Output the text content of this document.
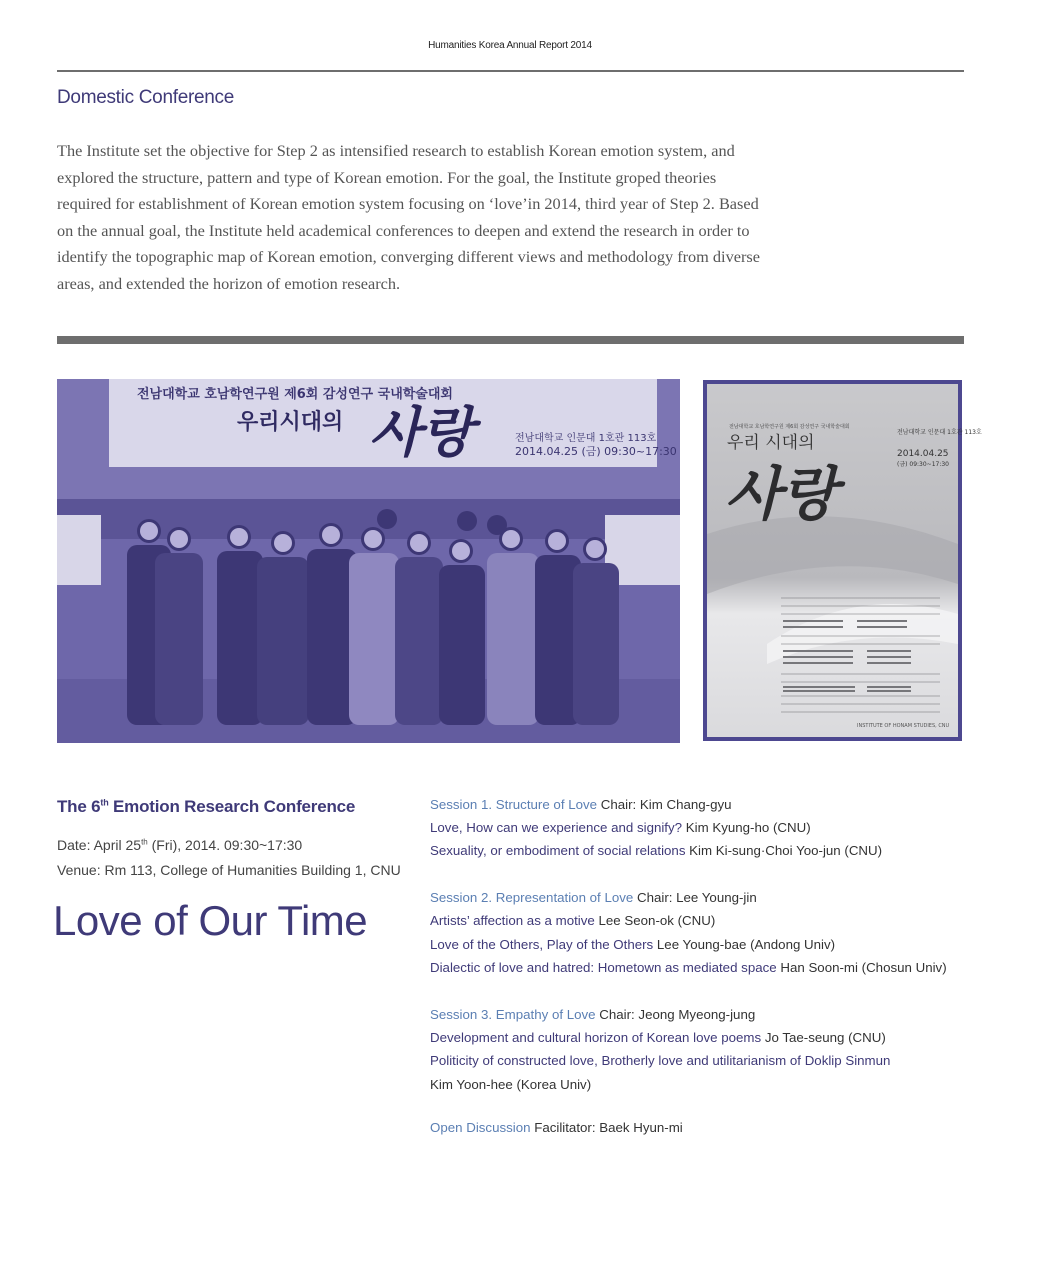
Humanities Korea Annual Report 2014
Domestic Conference
The Institute set the objective for Step 2 as intensified research to establish Korean emotion system, and
explored the structure, pattern and type of Korean emotion. For the goal, the Institute groped theories
required for establishment of Korean emotion system focusing on ‘love’in 2014, third year of Step 2. Based
on the annual goal, the Institute held academical conferences to deepen and extend the research in order to
identify the topographic map of Korean emotion, converging different views and methodology from diverse
areas, and extended the horizon of emotion research.
전남대학교 호남학연구원 제6회 감성연구 국내학술대회
우리시대의 사랑	전남대학교 인문대 1호관 113호
2014.04.25 (금) 09:30~17:30
전남대학교 호남학연구원 제6회 감성연구 국내학술대회
우리 시대의
사랑
전남대학교 인문대 1호관 113호
2014.04.25
(금) 09:30~17:30
INSTITUTE OF HONAM STUDIES, CNU
The 6th Emotion Research Conference

Date: April 25th (Fri), 2014. 09:30~17:30

Venue: Rm 113, College of Humanities Building 1, CNU

Love of Our Time

Session 1. Structure of Love Chair: Kim Chang-gyu

Love, How can we experience and signify? Kim Kyung-ho (CNU)

Sexuality, or embodiment of social relations Kim Ki-sung·Choi Yoo-jun (CNU)

Session 2. Representation of Love Chair: Lee Young-jin

Artists’ affection as a motive Lee Seon-ok (CNU)

Love of the Others, Play of the Others Lee Young-bae (Andong Univ)

Dialectic of love and hatred: Hometown as mediated space Han Soon-mi (Chosun Univ)

Session 3. Empathy of Love Chair: Jeong Myeong-jung

Development and cultural horizon of Korean love poems Jo Tae-seung (CNU)

Politicity of constructed love, Brotherly love and utilitarianism of Doklip Sinmun

Kim Yoon-hee (Korea Univ)

Open Discussion Facilitator: Baek Hyun-mi
